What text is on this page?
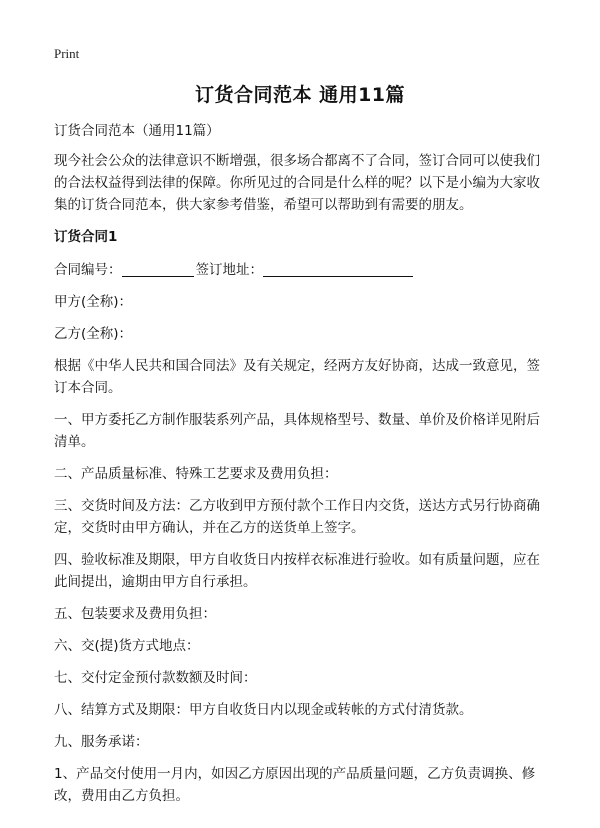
Print
订货合同范本 通用11篇

订货合同范本（通用11篇）

现今社会公众的法律意识不断增强，很多场合都离不了合同，签订合同可以使我们的合法权益得到法律的保障。你所见过的合同是什么样的呢？以下是小编为大家收集的订货合同范本，供大家参考借鉴，希望可以帮助到有需要的朋友。

订货合同1

合同编号：	签订地址：

甲方(全称)：

乙方(全称)：

根据《中华人民共和国合同法》及有关规定，经两方友好协商，达成一致意见，签订本合同。

一、甲方委托乙方制作服装系列产品，具体规格型号、数量、单价及价格详见附后清单。

二、产品质量标准、特殊工艺要求及费用负担：

三、交货时间及方法：乙方收到甲方预付款个工作日内交货，送达方式另行协商确定，交货时由甲方确认，并在乙方的送货单上签字。

四、验收标准及期限，甲方自收货日内按样衣标准进行验收。如有质量问题，应在此间提出，逾期由甲方自行承担。

五、包装要求及费用负担：

六、交(提)货方式地点：

七、交付定金预付款数额及时间：

八、结算方式及期限：甲方自收货日内以现金或转帐的方式付清货款。

九、服务承诺：

1、产品交付使用一月内，如因乙方原因出现的产品质量问题，乙方负责调换、修改，费用由乙方负担。
